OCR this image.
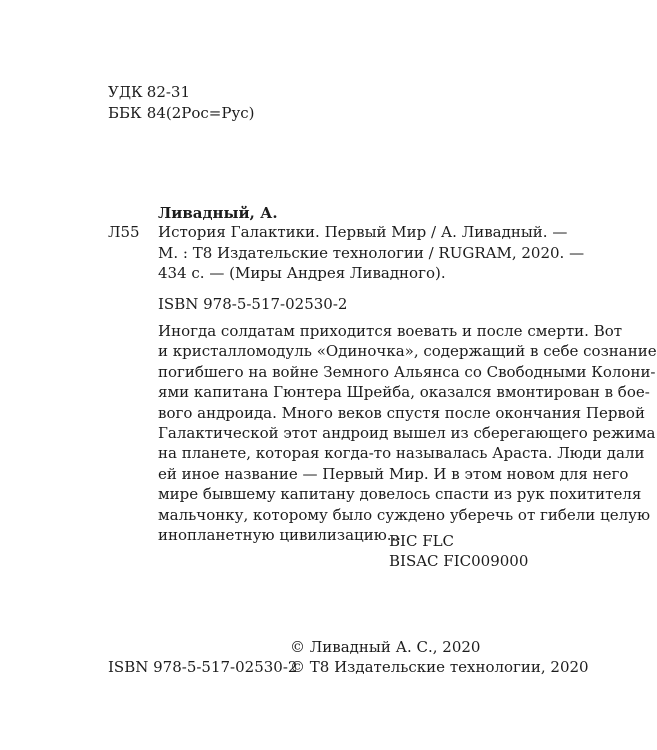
УДК 82-31
ББК 84(2Рос=Рус)
Ливадный, А.
Л55 История Галактики. Первый Мир / А. Ливадный. —
М. : Т8 Издательские технологии / RUGRAM, 2020. —
434 с. — (Миры Андрея Ливадного).
ISBN 978-5-517-02530-2
Иногда солдатам приходится воевать и после смерти. Вот
и кристалломодуль «Одиночка», содержащий в себе сознание
погибшего на войне Земного Альянса со Свободными Колони-
ями капитана Гюнтера Шрейба, оказался вмонтирован в боe-
вого андроида. Много веков спустя после окончания Первой
Галактической этот андроид вышел из сберегающего режима
на планете, которая когда-то называлась Араста. Люди дали
ей иное название — Первый Мир. И в этом новом для него
мире бывшему капитану довелось спасти из рук похитителя
мальчонку, которому было суждено уберечь от гибели целую
инопланетную цивилизацию...
BIC FLC
BISAC FIC009000
© Ливадный А. С., 2020
ISBN 978-5-517-02530-2
© Т8 Издательские технологии, 2020
